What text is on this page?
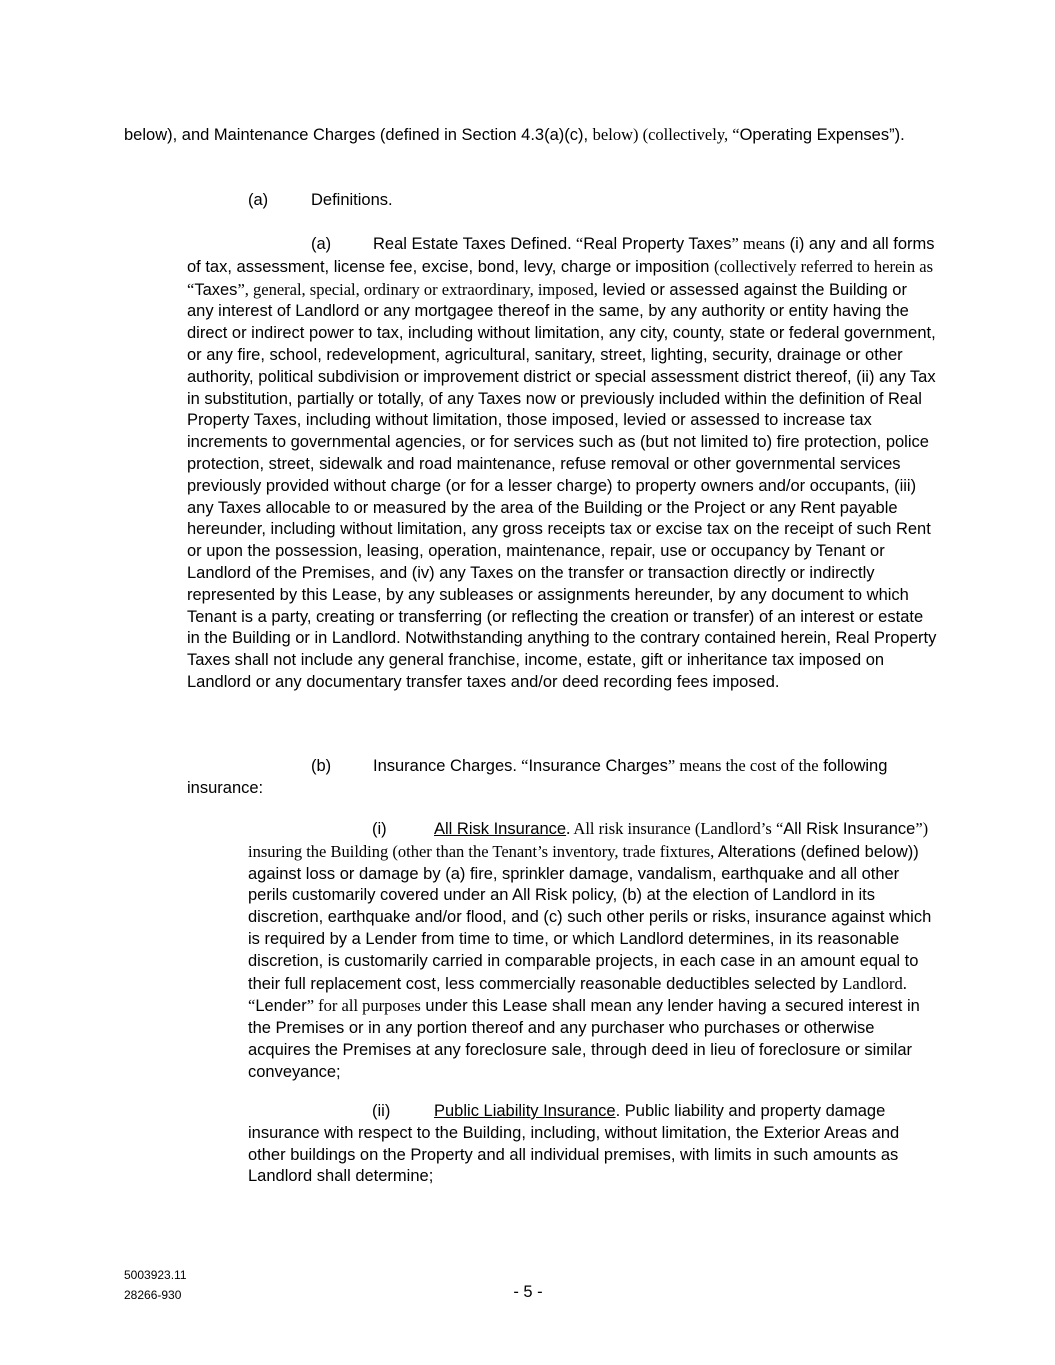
below), and Maintenance Charges (defined in Section 4.3(a)(c), below) (collectively, “Operating Expenses”).

(a)	Definitions.

(a)	Real Estate Taxes Defined. “Real Property Taxes” means (i) any and all forms of tax, assessment, license fee, excise, bond, levy, charge or imposition (collectively referred to herein as “Taxes”, general, special, ordinary or extraordinary, imposed, levied or assessed against the Building or any interest of Landlord or any mortgagee thereof in the same, by any authority or entity having the direct or indirect power to tax, including without limitation, any city, county, state or federal government, or any fire, school, redevelopment, agricultural, sanitary, street, lighting, security, drainage or other authority, political subdivision or improvement district or special assessment district thereof, (ii) any Tax in substitution, partially or totally, of any Taxes now or previously included within the definition of Real Property Taxes, including without limitation, those imposed, levied or assessed to increase tax increments to governmental agencies, or for services such as (but not limited to) fire protection, police protection, street, sidewalk and road maintenance, refuse removal or other governmental services previously provided without charge (or for a lesser charge) to property owners and/or occupants, (iii) any Taxes allocable to or measured by the area of the Building or the Project or any Rent payable hereunder, including without limitation, any gross receipts tax or excise tax on the receipt of such Rent or upon the possession, leasing, operation, maintenance, repair, use or occupancy by Tenant or Landlord of the Premises, and (iv) any Taxes on the transfer or transaction directly or indirectly represented by this Lease, by any subleases or assignments hereunder, by any document to which Tenant is a party, creating or transferring (or reflecting the creation or transfer) of an interest or estate in the Building or in Landlord. Notwithstanding anything to the contrary contained herein, Real Property Taxes shall not include any general franchise, income, estate, gift or inheritance tax imposed on Landlord or any documentary transfer taxes and/or deed recording fees imposed.

(b)	Insurance Charges. “Insurance Charges” means the cost of the following insurance:

(i)	All Risk Insurance. All risk insurance (Landlord’s “All Risk Insurance”) insuring the Building (other than the Tenant’s inventory, trade fixtures, Alterations (defined below)) against loss or damage by (a) fire, sprinkler damage, vandalism, earthquake and all other perils customarily covered under an All Risk policy, (b) at the election of Landlord in its discretion, earthquake and/or flood, and (c) such other perils or risks, insurance against which is required by a Lender from time to time, or which Landlord determines, in its reasonable discretion, is customarily carried in comparable projects, in each case in an amount equal to their full replacement cost, less commercially reasonable deductibles selected by Landlord. “Lender” for all purposes under this Lease shall mean any lender having a secured interest in the Premises or in any portion thereof and any purchaser who purchases or otherwise acquires the Premises at any foreclosure sale, through deed in lieu of foreclosure or similar conveyance;

(ii)	Public Liability Insurance. Public liability and property damage insurance with respect to the Building, including, without limitation, the Exterior Areas and other buildings on the Property and all individual premises, with limits in such amounts as Landlord shall determine;

5003923.11
28266-930	- 5 -
